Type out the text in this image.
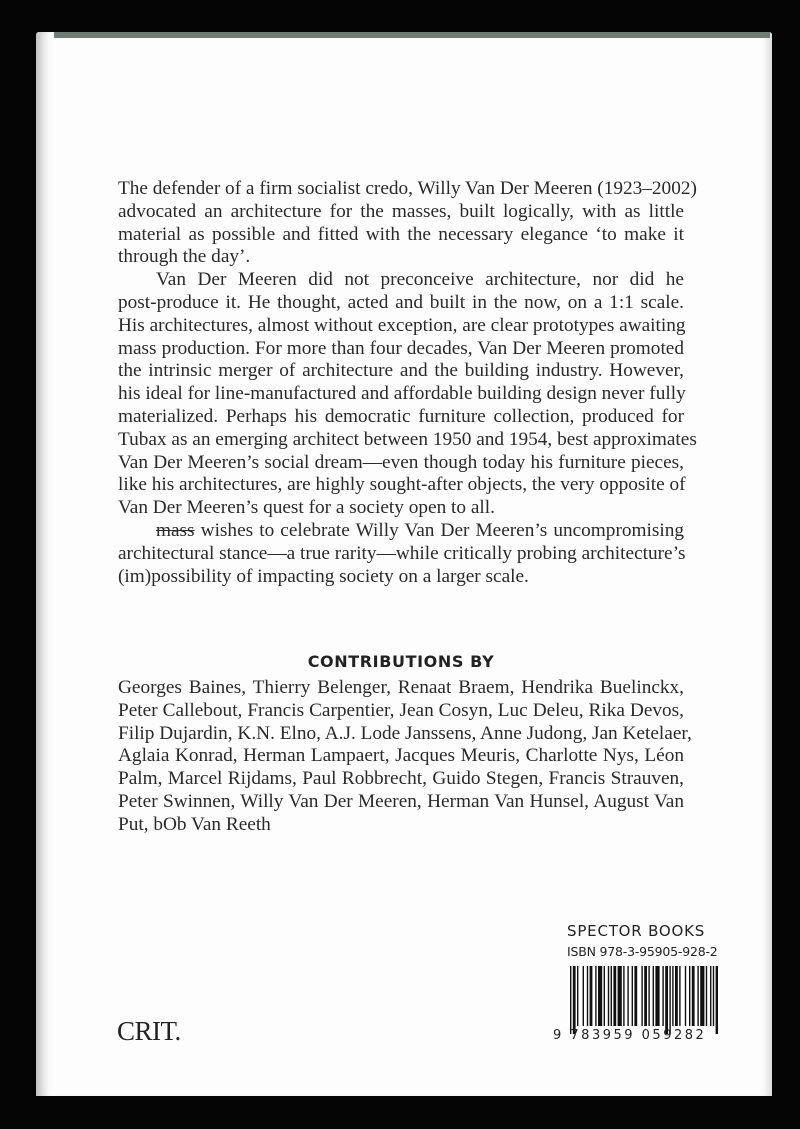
The defender of a firm socialist credo, Willy Van Der Meeren (1923–2002)
advocated an architecture for the masses, built logically, with as little
material as possible and fitted with the necessary elegance ‘to make it
through the day’.
Van Der Meeren did not preconceive architecture, nor did he
post-produce it. He thought, acted and built in the now, on a 1:1 scale.
His architectures, almost without exception, are clear prototypes awaiting
mass production. For more than four decades, Van Der Meeren promoted
the intrinsic merger of architecture and the building industry. However,
his ideal for line-manufactured and affordable building design never fully
materialized. Perhaps his democratic furniture collection, produced for
Tubax as an emerging architect between 1950 and 1954, best approximates
Van Der Meeren’s social dream—even though today his furniture pieces,
like his architectures, are highly sought-after objects, the very opposite of
Van Der Meeren’s quest for a society open to all.
mass wishes to celebrate Willy Van Der Meeren’s uncompromising
architectural stance—a true rarity—while critically probing architecture’s
(im)possibility of impacting society on a larger scale.
CONTRIBUTIONS BY
Georges Baines, Thierry Belenger, Renaat Braem, Hendrika Buelinckx,
Peter Callebout, Francis Carpentier, Jean Cosyn, Luc Deleu, Rika Devos,
Filip Dujardin, K.N. Elno, A.J. Lode Janssens, Anne Judong, Jan Ketelaer,
Aglaia Konrad, Herman Lampaert, Jacques Meuris, Charlotte Nys, Léon
Palm, Marcel Rijdams, Paul Robbrecht, Guido Stegen, Francis Strauven,
Peter Swinnen, Willy Van Der Meeren, Herman Van Hunsel, August Van
Put, bOb Van Reeth
SPECTOR BOOKS
ISBN 978-3-95905-928-2
9 783959 059282
CRIT.
